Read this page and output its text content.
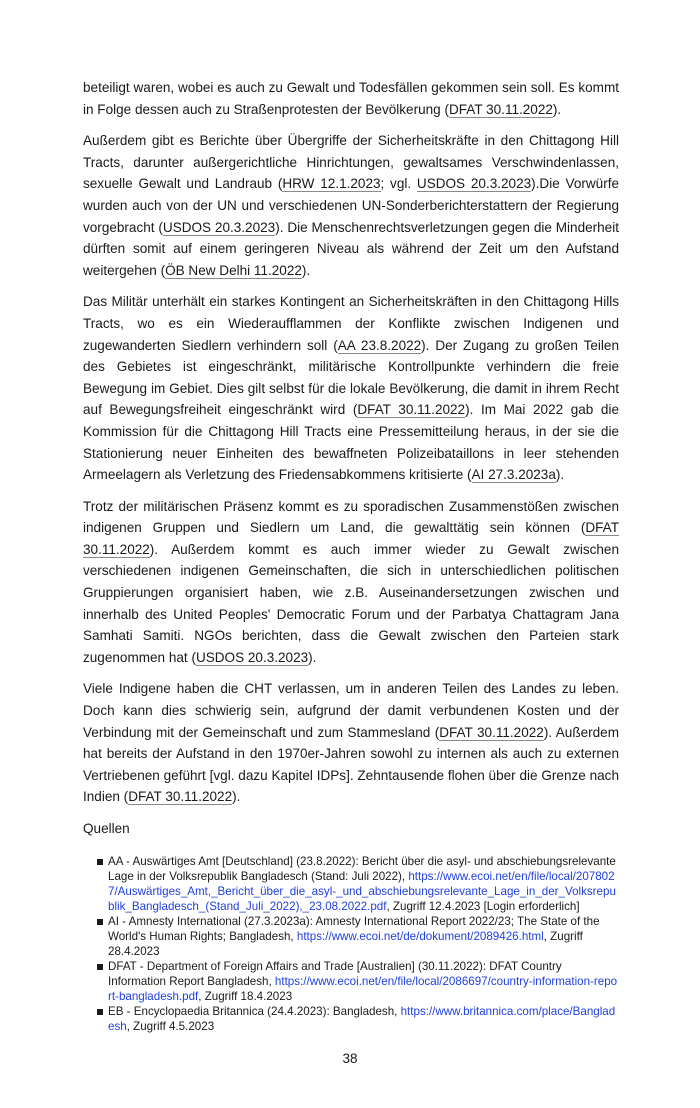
beteiligt waren, wobei es auch zu Gewalt und Todesfällen gekommen sein soll. Es kommt in Folge dessen auch zu Straßenprotesten der Bevölkerung (DFAT 30.11.2022).

Außerdem gibt es Berichte über Übergriffe der Sicherheitskräfte in den Chittagong Hill Tracts, darunter außergerichtliche Hinrichtungen, gewaltsames Verschwindenlassen, sexuelle Gewalt und Landraub (HRW 12.1.2023; vgl. USDOS 20.3.2023).Die Vorwürfe wurden auch von der UN und verschiedenen UN-Sonderberichterstattern der Regierung vorgebracht (USDOS 20.3.2023). Die Menschenrechtsverletzungen gegen die Minderheit dürften somit auf einem geringeren Niveau als während der Zeit um den Aufstand weitergehen (ÖB New Delhi 11.2022).

Das Militär unterhält ein starkes Kontingent an Sicherheitskräften in den Chittagong Hills Tracts, wo es ein Wiederaufflammen der Konflikte zwischen Indigenen und zugewanderten Siedlern verhindern soll (AA 23.8.2022). Der Zugang zu großen Teilen des Gebietes ist eingeschränkt, militärische Kontrollpunkte verhindern die freie Bewegung im Gebiet. Dies gilt selbst für die lokale Bevölkerung, die damit in ihrem Recht auf Bewegungsfreiheit eingeschränkt wird (DFAT 30.11.2022). Im Mai 2022 gab die Kommission für die Chittagong Hill Tracts eine Pressemitteilung heraus, in der sie die Stationierung neuer Einheiten des bewaffneten Polizeibataillons in leer stehenden Armeelagern als Verletzung des Friedensabkommens kritisierte (AI 27.3.2023a).

Trotz der militärischen Präsenz kommt es zu sporadischen Zusammenstößen zwischen indigenen Gruppen und Siedlern um Land, die gewalttätig sein können (DFAT 30.11.2022). Außerdem kommt es auch immer wieder zu Gewalt zwischen verschiedenen indigenen Gemeinschaften, die sich in unterschiedlichen politischen Gruppierungen organisiert haben, wie z.B. Auseinandersetzungen zwischen und innerhalb des United Peoples' Democratic Forum und der Parbatya Chattagram Jana Samhati Samiti. NGOs berichten, dass die Gewalt zwischen den Parteien stark zugenommen hat (USDOS 20.3.2023).

Viele Indigene haben die CHT verlassen, um in anderen Teilen des Landes zu leben. Doch kann dies schwierig sein, aufgrund der damit verbundenen Kosten und der Verbindung mit der Gemeinschaft und zum Stammesland (DFAT 30.11.2022). Außerdem hat bereits der Aufstand in den 1970er-Jahren sowohl zu internen als auch zu externen Vertriebenen geführt [vgl. dazu Kapitel IDPs]. Zehntausende flohen über die Grenze nach Indien (DFAT 30.11.2022).

Quellen
AA - Auswärtiges Amt [Deutschland] (23.8.2022): Bericht über die asyl- und abschiebungsrelevante Lage in der Volksrepublik Bangladesch (Stand: Juli 2022), https://www.ecoi.net/en/file/local/2078027/Auswärtiges_Amt,_Bericht_über_die_asyl-_und_abschiebungsrelevante_Lage_in_der_Volksrepublik_Bangladesch_(Stand_Juli_2022),_23.08.2022.pdf, Zugriff 12.4.2023 [Login erforderlich]
AI - Amnesty International (27.3.2023a): Amnesty International Report 2022/23; The State of the World's Human Rights; Bangladesh, https://www.ecoi.net/de/dokument/2089426.html, Zugriff 28.4.2023
DFAT - Department of Foreign Affairs and Trade [Australien] (30.11.2022): DFAT Country Information Report Bangladesh, https://www.ecoi.net/en/file/local/2086697/country-information-report-bangladesh.pdf, Zugriff 18.4.2023
EB - Encyclopaedia Britannica (24.4.2023): Bangladesh, https://www.britannica.com/place/Bangladesh, Zugriff 4.5.2023
38
